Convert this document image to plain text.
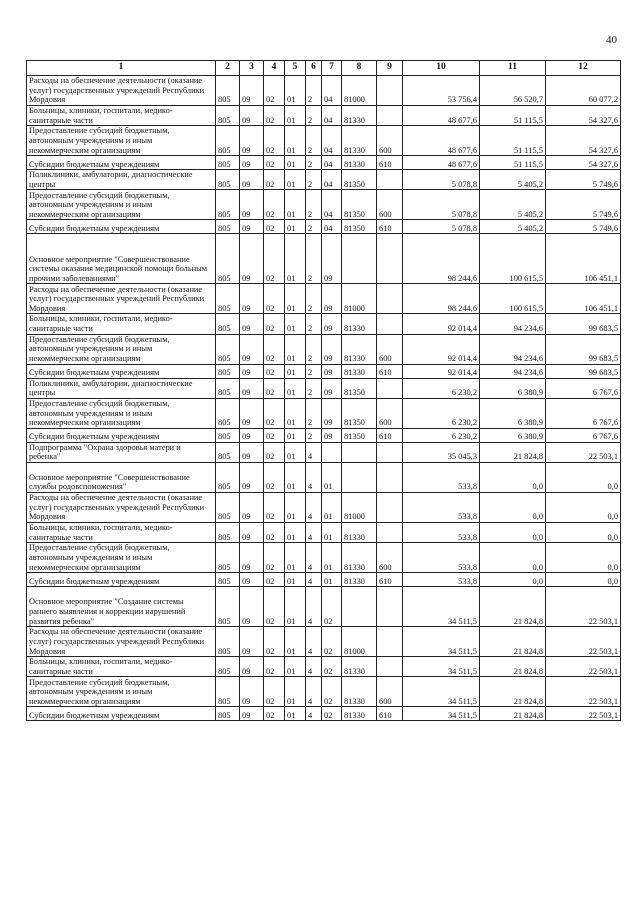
40
1	2	3	4	5	6	7	8	9	10	11	12
Расходы на обеспечение деятельности (оказание услуг) государственных учреждений Республики Мордовия	805	09	02	01	2	04	81000		53 756,4	56 520,7	60 077,2
Больницы, клиники, госпитали, медико-санитарные части	805	09	02	01	2	04	81330		48 677,6	51 115,5	54 327,6
Предоставление субсидий бюджетным, автономным учреждениям и иным некоммерческим организациям	805	09	02	01	2	04	81330	600	48 677,6	51 115,5	54 327,6
Субсидии бюджетным учреждениям	805	09	02	01	2	04	81330	610	48 677,6	51 115,5	54 327,6
Поликлиники, амбулатории, диагностические центры	805	09	02	01	2	04	81350		5 078,8	5 405,2	5 749,6
Предоставление субсидий бюджетным, автономным учреждениям и иным некоммерческим организациям	805	09	02	01	2	04	81350	600	5 078,8	5 405,2	5 749,6
Субсидии бюджетным учреждениям	805	09	02	01	2	04	81350	610	5 078,8	5 405,2	5 749,6
Основное мероприятие "Совершенствование системы оказания медицинской помощи больным прочими заболеваниями"	805	09	02	01	2	09			98 244,6	100 615,5	106 451,1
Расходы на обеспечение деятельности (оказание услуг) государственных учреждений Республики Мордовия	805	09	02	01	2	09	81000		98 244,6	100 615,5	106 451,1
Больницы, клиники, госпитали, медико-санитарные части	805	09	02	01	2	09	81330		92 014,4	94 234,6	99 683,5
Предоставление субсидий бюджетным, автономным учреждениям и иным некоммерческим организациям	805	09	02	01	2	09	81330	600	92 014,4	94 234,6	99 683,5
Субсидии бюджетным учреждениям	805	09	02	01	2	09	81330	610	92 014,4	94 234,6	99 683,5
Поликлиники, амбулатории, диагностические центры	805	09	02	01	2	09	81350		6 230,2	6 380,9	6 767,6
Предоставление субсидий бюджетным, автономным учреждениям и иным некоммерческим организациям	805	09	02	01	2	09	81350	600	6 230,2	6 380,9	6 767,6
Субсидии бюджетным учреждениям	805	09	02	01	2	09	81350	610	6 230,2	6 380,9	6 767,6
Подпрограмма "Охрана здоровья матери и ребенка"	805	09	02	01	4				35 045,3	21 824,8	22 503,1
Основное мероприятие "Совершенствование службы родовспоможения"	805	09	02	01	4	01			533,8	0,0	0,0
Расходы на обеспечение деятельности (оказание услуг) государственных учреждений Республики Мордовия	805	09	02	01	4	01	81000		533,8	0,0	0,0
Больницы, клиники, госпитали, медико-санитарные части	805	09	02	01	4	01	81330		533,8	0,0	0,0
Предоставление субсидий бюджетным, автономным учреждениям и иным некоммерческим организациям	805	09	02	01	4	01	81330	600	533,8	0,0	0,0
Субсидии бюджетным учреждениям	805	09	02	01	4	01	81330	610	533,8	0,0	0,0
Основное мероприятие "Создание системы раннего выявления и коррекции нарушений развития ребенка"	805	09	02	01	4	02			34 511,5	21 824,8	22 503,1
Расходы на обеспечение деятельности (оказание услуг) государственных учреждений Республики Мордовия	805	09	02	01	4	02	81000		34 511,5	21 824,8	22 503,1
Больницы, клиники, госпитали, медико-санитарные части	805	09	02	01	4	02	81330		34 511,5	21 824,8	22 503,1
Предоставление субсидий бюджетным, автономным учреждениям и иным некоммерческим организациям	805	09	02	01	4	02	81330	600	34 511,5	21 824,8	22 503,1
Субсидии бюджетным учреждениям	805	09	02	01	4	02	81330	610	34 511,5	21 824,8	22 503,1
